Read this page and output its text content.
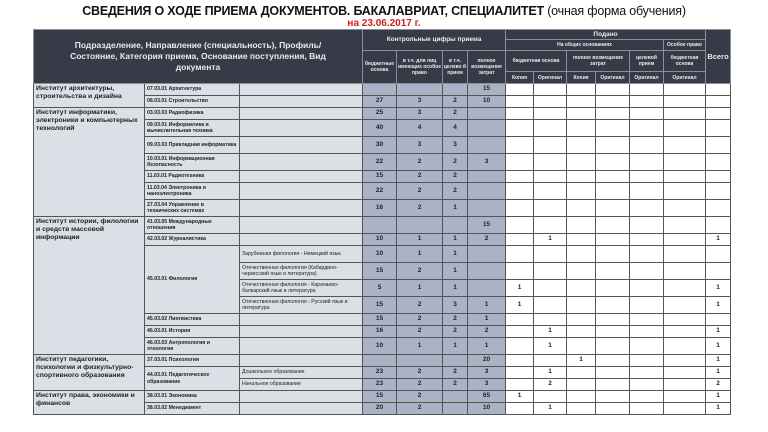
СВЕДЕНИЯ О ХОДЕ ПРИЕМА ДОКУМЕНТОВ. БАКАЛАВРИАТ, СПЕЦИАЛИТЕТ (очная форма обучения)
на 23.06.2017 г.
Подразделение, Направление (специальность), Профиль/Состояние, Категория приема, Основание поступления, Вид документа			Контрольные цифры приема				Подано						Всего
							На общих основаниях					Особое право	
			бюджетные основа	в т.ч. для лиц имеющих особое право	в т.ч. целево й прием	полное возмещение затрат	бюджетная основа		полное возмещение затрат		целевой прием	бюджетная основа	
							Копия	Оригинал	Копия	Оригинал	Оригинал	Оригинал	
Институт архитектуры, строительства и дизайна	07.03.01 Архитектура					15							
	08.03.01 Строительство		27	3	2	10							
Институт информатики, электроники и компьютерных технологий	03.03.03 Радиофизика		25	3	2								
	09.03.01 Информатика и вычислительная техника		40	4	4								
	09.03.03 Прикладная информатика		30	3	3								
	10.03.01 Информационная безопасность		22	2	2	3							
	11.03.01 Радиотехника		15	2	2								
	11.03.04 Электроника и наноэлектроника		22	2	2								
	27.03.04 Управление в технических системах		16	2	1								
Институт истории, филологии и средств массовой информации	41.03.05 Международные отношения					15							
	42.03.02 Журналистика		10	1	1	2		1					1
	45.03.01 Филология	Зарубежная филология - Немецкий язык	10	1	1								
		Отечественная филология (Кабардино-черкесский язык и литература)	15	2	1								
		Отечественная филология - Карачаево-балкарский язык и литература	5	1	1		1						1
		Отечественная филология - Русский язык и литература	15	2	3	1	1						1
	45.03.02 Лингвистика		15	2	2	1							
	46.03.01 История		16	2	2	2		1					1
	46.03.03 Антропология и этнология		10	1	1	1		1					1
Институт педагогики, психологии и физкультурно-спортивного образования	37.03.01 Психология					20			1				1
	44.03.01 Педагогическое образование	Дошкольное образование	23	2	2	3		1					1
		Начальное образование	23	2	2	3		2					2
Институт права, экономики и финансов	38.03.01 Экономика		15	2		65	1						1
	38.03.02 Менеджмент		20	2		10		1					1
